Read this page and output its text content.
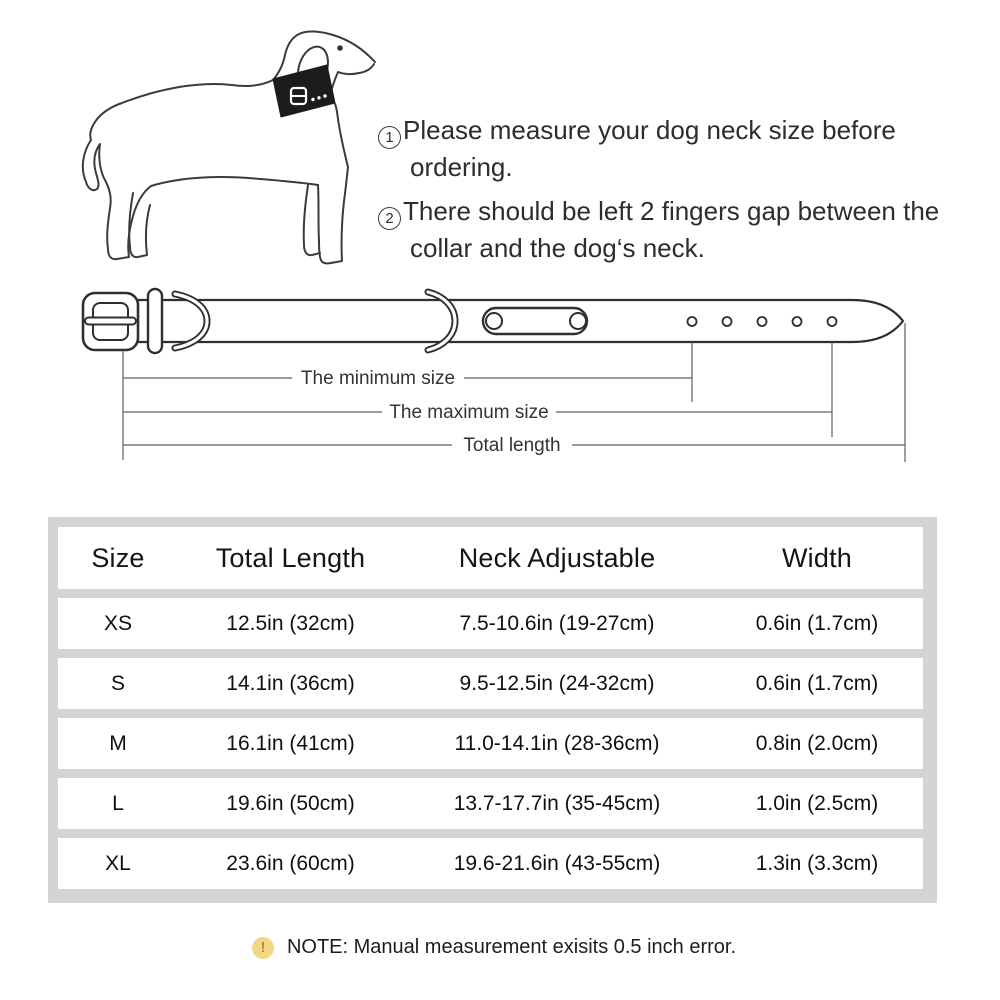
1 Please measure your dog neck size before ordering.

2 There should be left 2 fingers gap between the collar and the dog‘s neck.

The minimum size
The maximum size
Total length
Size	Total Length	Neck Adjustable	Width
XS	12.5in (32cm)	7.5-10.6in (19-27cm)	0.6in (1.7cm)
S	14.1in (36cm)	9.5-12.5in (24-32cm)	0.6in (1.7cm)
M	16.1in (41cm)	11.0-14.1in (28-36cm)	0.8in (2.0cm)
L	19.6in (50cm)	13.7-17.7in (35-45cm)	1.0in (2.5cm)
XL	23.6in (60cm)	19.6-21.6in (43-55cm)	1.3in (3.3cm)
!	NOTE: Manual measurement exisits 0.5 inch error.
